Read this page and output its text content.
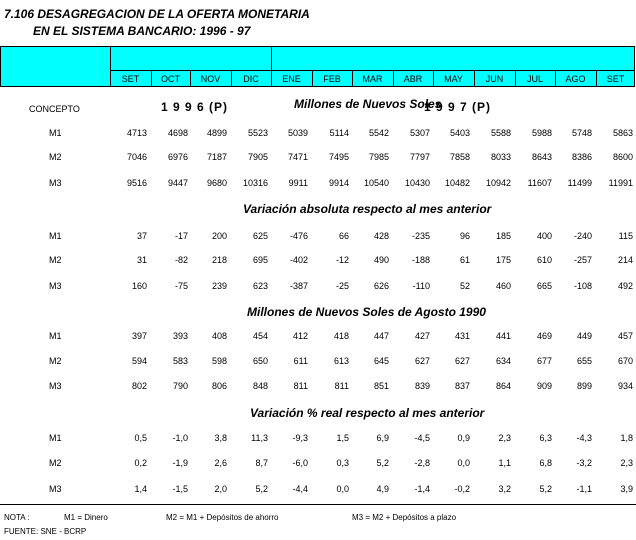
7.106 DESAGREGACION DE LA OFERTA MONETARIA
EN EL SISTEMA BANCARIO: 1996 - 97
CONCEPTO	1 9 9 6 (P)	1 9 9 7 (P)
SET	OCT	NOV	DIC	ENE	FEB	MAR	ABR	MAY	JUN	JUL	AGO	SET
Millones de Nuevos Soles
M1	4713	4698	4899	5523	5039	5114	5542	5307	5403	5588	5988	5748	5863
M2	7046	6976	7187	7905	7471	7495	7985	7797	7858	8033	8643	8386	8600
M3	9516	9447	9680	10316	9911	9914	10540	10430	10482	10942	11607	11499	11991
Variación absoluta respecto al mes anterior
M1	37	-17	200	625	-476	66	428	-235	96	185	400	-240	115
M2	31	-82	218	695	-402	-12	490	-188	61	175	610	-257	214
M3	160	-75	239	623	-387	-25	626	-110	52	460	665	-108	492
Millones de Nuevos Soles de Agosto 1990
M1	397	393	408	454	412	418	447	427	431	441	469	449	457
M2	594	583	598	650	611	613	645	627	627	634	677	655	670
M3	802	790	806	848	811	811	851	839	837	864	909	899	934
Variación % real respecto al mes anterior
M1	0,5	-1,0	3,8	11,3	-9,3	1,5	6,9	-4,5	0,9	2,3	6,3	-4,3	1,8
M2	0,2	-1,9	2,6	8,7	-6,0	0,3	5,2	-2,8	0,0	1,1	6,8	-3,2	2,3
M3	1,4	-1,5	2,0	5,2	-4,4	0,0	4,9	-1,4	-0,2	3,2	5,2	-1,1	3,9
NOTA :	M1 = Dinero	M2 = M1 + Depósitos de ahorro	M3 = M2 + Depósitos a plazo
FUENTE: SNE - BCRP
